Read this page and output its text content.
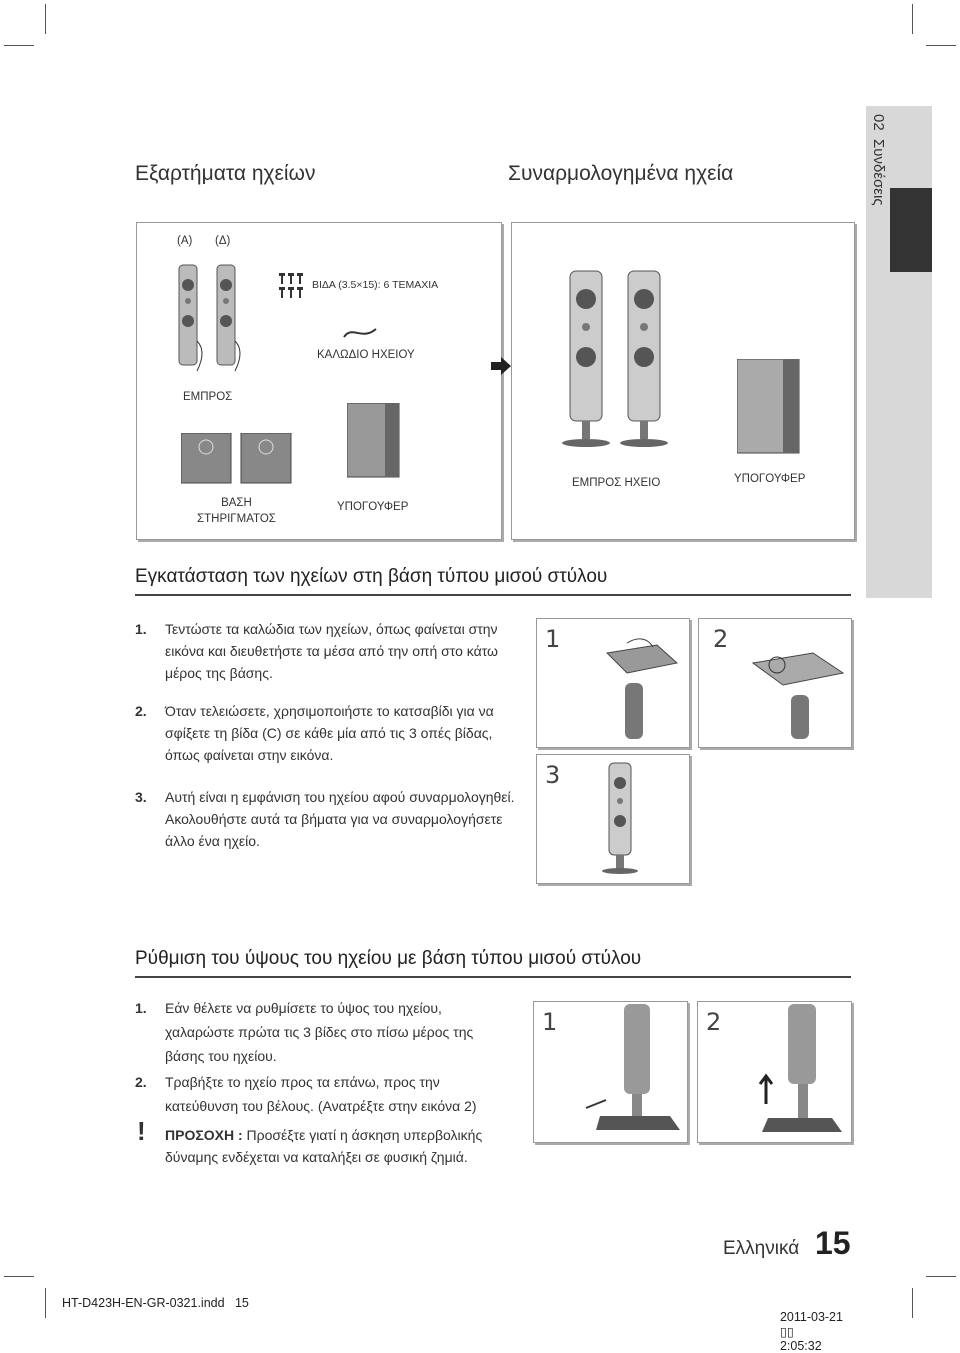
02  Συνδέσεις
Εξαρτήματα ηχείων	Συναρμολογημένα ηχεία
(A) (Δ)
ΒΙΔΑ (3.5×15): 6 ΤΕΜΑΧΙΑ
ΚΑΛΩΔΙΟ ΗΧΕΙΟΥ
ΕΜΠΡΟΣ
ΒΑΣΗ
ΣΤΗΡΙΓΜΑΤΟΣ
ΥΠΟΓΟΥΦΕΡ
ΕΜΠΡΟΣ ΗΧΕΙΟ	ΥΠΟΓΟΥΦΕΡ
Εγκατάσταση των ηχείων στη βάση τύπου μισού στύλου
1. Τεντώστε τα καλώδια των ηχείων, όπως φαίνεται στην εικόνα και διευθετήστε τα μέσα από την οπή στο κάτω μέρος της βάσης.
2. Όταν τελειώσετε, χρησιμοποιήστε το κατσαβίδι για να σφίξετε τη βίδα (C) σε κάθε μία από τις 3 οπές βίδας, όπως φαίνεται στην εικόνα.
3. Αυτή είναι η εμφάνιση του ηχείου αφού συναρμολογηθεί. Ακολουθήστε αυτά τα βήματα για να συναρμολογήσετε άλλο ένα ηχείο.
1	2
3
Ρύθμιση του ύψους του ηχείου με βάση τύπου μισού στύλου
1. Εάν θέλετε να ρυθμίσετε το ύψος του ηχείου, χαλαρώστε πρώτα τις 3 βίδες στο πίσω μέρος της βάσης του ηχείου.
2. Τραβήξτε το ηχείο προς τα επάνω, προς την κατεύθυνση του βέλους. (Ανατρέξτε στην εικόνα 2)
! ΠΡΟΣΟΧΗ : Προσέξτε γιατί η άσκηση υπερβολικής δύναμης ενδέχεται να καταλήξει σε φυσική ζημιά.
1	2
Ελληνικά 15
HT-D423H-EN-GR-0321.indd   15

2011-03-21
▯▯
2:05:32
